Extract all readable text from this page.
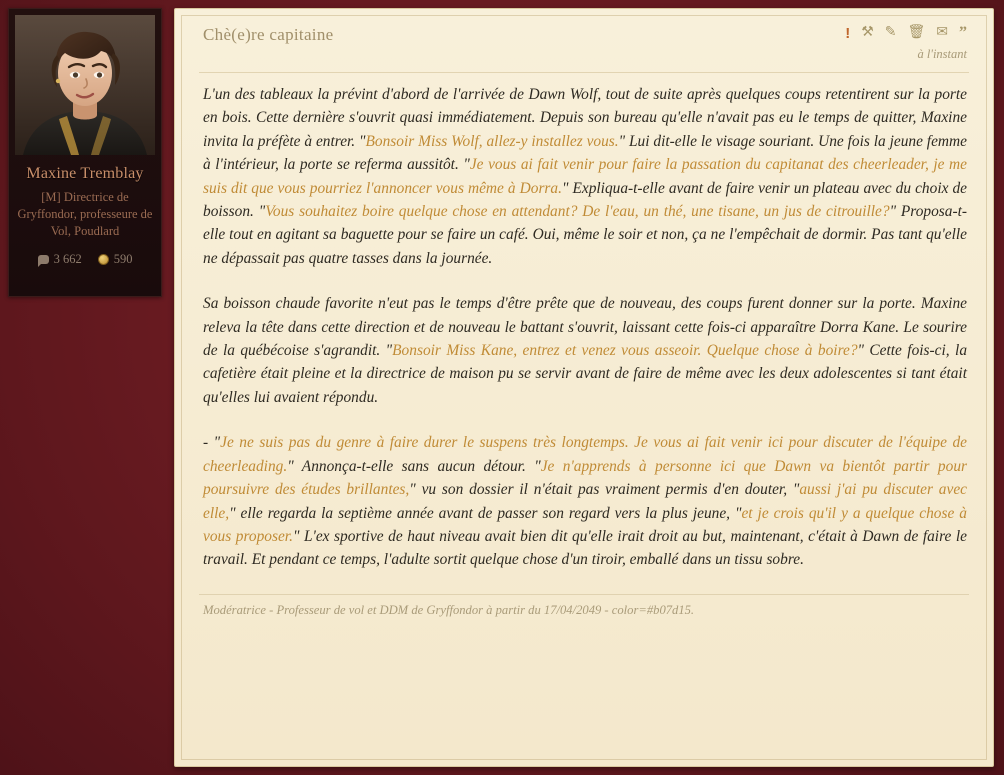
Maxine Tremblay
[M] Directrice de Gryffondor, professeure de Vol, Poudlard
3 662	590
Chè(e)re capitaine	! ⚒ ✎ 🗑 ✉ ”
à l'instant

L'un des tableaux la prévint d'abord de l'arrivée de Dawn Wolf, tout de suite après quelques coups retentirent sur la porte en bois. Cette dernière s'ouvrit quasi immédiatement. Depuis son bureau qu'elle n'avait pas eu le temps de quitter, Maxine invita la préfète à entrer. "Bonsoir Miss Wolf, allez-y installez vous." Lui dit-elle le visage souriant. Une fois la jeune femme à l'intérieur, la porte se referma aussitôt. "Je vous ai fait venir pour faire la passation du capitanat des cheerleader, je me suis dit que vous pourriez l'annoncer vous même à Dorra." Expliqua-t-elle avant de faire venir un plateau avec du choix de boisson. "Vous souhaitez boire quelque chose en attendant? De l'eau, un thé, une tisane, un jus de citrouille?" Proposa-t-elle tout en agitant sa baguette pour se faire un café. Oui, même le soir et non, ça ne l'empêchait de dormir. Pas tant qu'elle ne dépassait pas quatre tasses dans la journée.

Sa boisson chaude favorite n'eut pas le temps d'être prête que de nouveau, des coups furent donner sur la porte. Maxine releva la tête dans cette direction et de nouveau le battant s'ouvrit, laissant cette fois-ci apparaître Dorra Kane. Le sourire de la québécoise s'agrandit. "Bonsoir Miss Kane, entrez et venez vous asseoir. Quelque chose à boire?" Cette fois-ci, la cafetière était pleine et la directrice de maison pu se servir avant de faire de même avec les deux adolescentes si tant était qu'elles lui avaient répondu.

- "Je ne suis pas du genre à faire durer le suspens très longtemps. Je vous ai fait venir ici pour discuter de l'équipe de cheerleading." Annonça-t-elle sans aucun détour. "Je n'apprends à personne ici que Dawn va bientôt partir pour poursuivre des études brillantes," vu son dossier il n'était pas vraiment permis d'en douter, "aussi j'ai pu discuter avec elle," elle regarda la septième année avant de passer son regard vers la plus jeune, "et je crois qu'il y a quelque chose à vous proposer." L'ex sportive de haut niveau avait bien dit qu'elle irait droit au but, maintenant, c'était à Dawn de faire le travail. Et pendant ce temps, l'adulte sortit quelque chose d'un tiroir, emballé dans un tissu sobre.

Modératrice - Professeur de vol et DDM de Gryffondor à partir du 17/04/2049 - color=#b07d15.
